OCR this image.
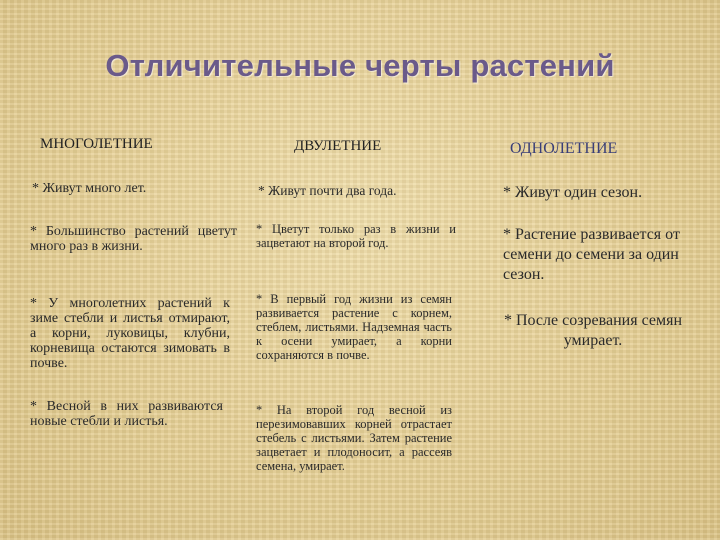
Отличительные черты растений
МНОГОЛЕТНИЕ
* Живут много лет.
* Большинство растений цветут много раз в жизни.
* У многолетних растений к зиме стебли и листья отмирают, а корни, луковицы, клубни, корневища остаются зимовать в почве.
* Весной в них развиваются новые стебли и листья.
ДВУЛЕТНИЕ
* Живут почти два года.
* Цветут только раз в жизни и зацветают на второй год.
* В первый год жизни из семян развивается растение с корнем, стеблем, листьями. Надземная часть к осени умирает, а корни сохраняются в почве.
* На второй год весной из перезимовавших корней отрастает стебель с листьями. Затем растение зацветает и плодоносит, а рассеяв семена, умирает.
ОДНОЛЕТНИЕ
* Живут один сезон.
* Растение развивается от семени до семени за один сезон.
* После созревания семян умирает.
